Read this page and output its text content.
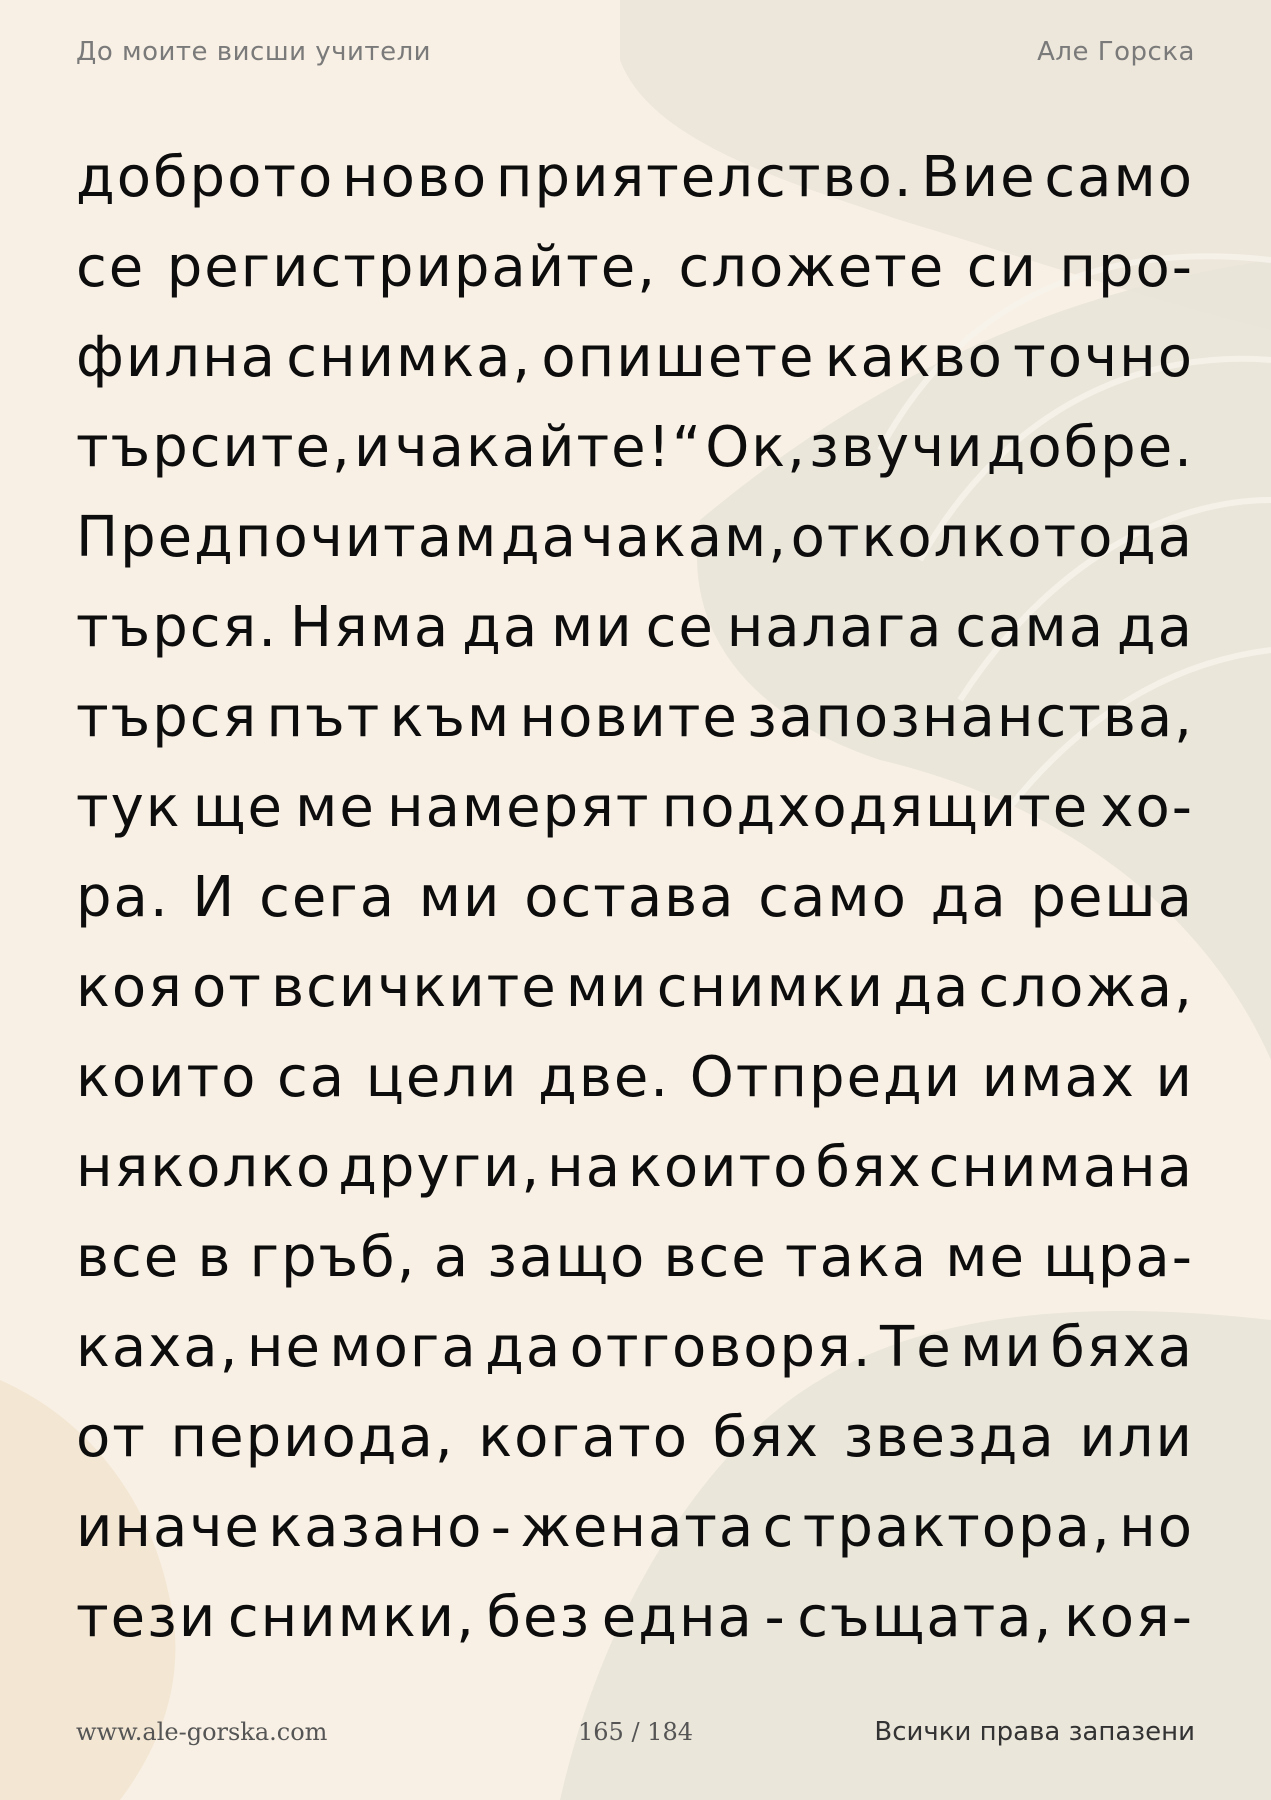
До моите висши учители	Але Горска
доброто ново приятелство. Вие само
се регистрирайте, сложете си про-
филна снимка, опишете какво точно
търсите, и чакайте!“ Ок, звучи добре.
Предпочитам да чакам, отколкото да
търся. Няма да ми се налага сама да
търся път към новите запознанства,
тук ще ме намерят подходящите хо-
ра. И сега ми остава само да реша
коя от всичките ми снимки да сложа,
които са цели две. Отпреди имах и
няколко други, на които бях снимана
все в гръб, а защо все така ме щра-
каха, не мога да отговоря. Те ми бяха
от периода, когато бях звезда или
иначе казано - жената с трактора, но
тези снимки, без една - същата, коя-
www.ale-gorska.com	165 / 184	Всички права запазени
